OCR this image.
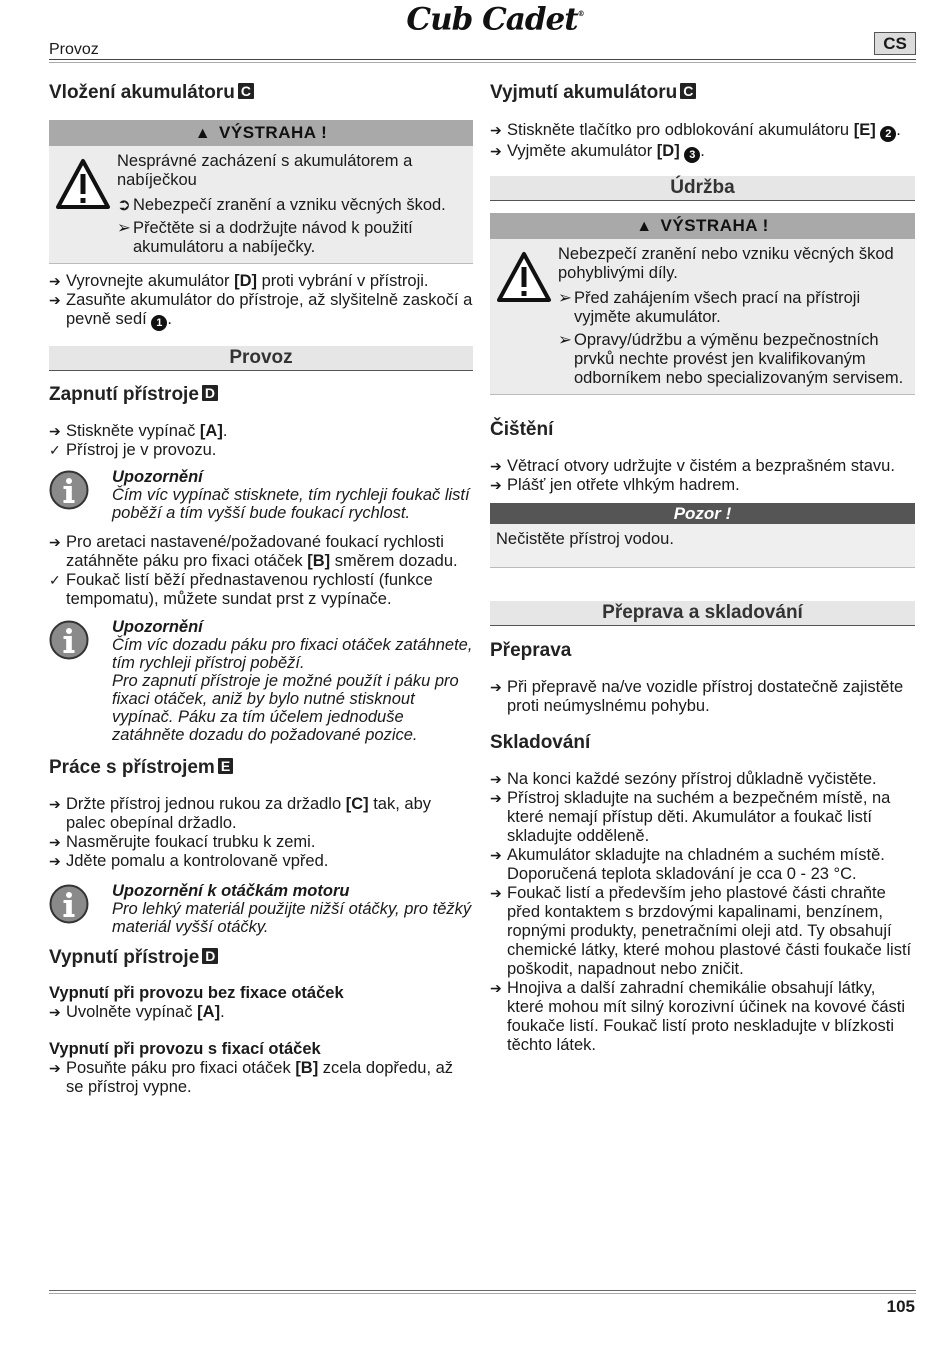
Cub Cadet®
Provoz	CS
Vložení akumulátoru C
▲ VÝSTRAHA !
Nesprávné zacházení s akumulátorem a nabíječkou
➲ Nebezpečí zranění a vzniku věcných škod.
➢ Přečtěte si a dodržujte návod k použití akumulátoru a nabíječky.
➔ Vyrovnejte akumulátor [D] proti vybrání v přístroji.
➔ Zasuňte akumulátor do přístroje, až slyšitelně zaskočí a pevně sedí 1 .
Provoz
Zapnutí přístroje D
➔ Stiskněte vypínač [A].
✓ Přístroj je v provozu.
Upozornění
Čím víc vypínač stisknete, tím rychleji foukač listí poběží a tím vyšší bude foukací rychlost.
➔ Pro aretaci nastavené/požadované foukací rychlosti zatáhněte páku pro fixaci otáček [B] směrem dozadu.
✓ Foukač listí běží přednastavenou rychlostí (funkce tempomatu), můžete sundat prst z vypínače.
Upozornění
Čím víc dozadu páku pro fixaci otáček zatáhnete, tím rychleji přístroj poběží.
Pro zapnutí přístroje je možné použít i páku pro fixaci otáček, aniž by bylo nutné stisknout vypínač. Páku za tím účelem jednoduše zatáhněte dozadu do požadované pozice.
Práce s přístrojem E
➔ Držte přístroj jednou rukou za držadlo [C] tak, aby palec obepínal držadlo.
➔ Nasměrujte foukací trubku k zemi.
➔ Jděte pomalu a kontrolovaně vpřed.
Upozornění k otáčkám motoru
Pro lehký materiál použijte nižší otáčky, pro těžký materiál vyšší otáčky.
Vypnutí přístroje D
Vypnutí při provozu bez fixace otáček
➔ Uvolněte vypínač [A].
Vypnutí při provozu s fixací otáček
➔ Posuňte páku pro fixaci otáček [B] zcela dopředu, až se přístroj vypne.
Vyjmutí akumulátoru C
➔ Stiskněte tlačítko pro odblokování akumulátoru [E] 2 .
➔ Vyjměte akumulátor [D] 3 .
Údržba
▲ VÝSTRAHA !
Nebezpečí zranění nebo vzniku věcných škod pohyblivými díly.
➢ Před zahájením všech prací na přístroji vyjměte akumulátor.
➢ Opravy/údržbu a výměnu bezpečnostních prvků nechte provést jen kvalifikovaným odborníkem nebo specializovaným servisem.
Čištění
➔ Větrací otvory udržujte v čistém a bezprašném stavu.
➔ Plášť jen otřete vlhkým hadrem.
Pozor !
Nečistěte přístroj vodou.
Přeprava a skladování
Přeprava
➔ Při přepravě na/ve vozidle přístroj dostatečně zajistěte proti neúmyslnému pohybu.
Skladování
➔ Na konci každé sezóny přístroj důkladně vyčistěte.
➔ Přístroj skladujte na suchém a bezpečném místě, na které nemají přístup děti. Akumulátor a foukač listí skladujte odděleně.
➔ Akumulátor skladujte na chladném a suchém místě. Doporučená teplota skladování je cca 0 - 23 °C.
➔ Foukač listí a především jeho plastové části chraňte před kontaktem s brzdovými kapalinami, benzínem, ropnými produkty, penetračními oleji atd. Ty obsahují chemické látky, které mohou plastové části foukače listí poškodit, napadnout nebo zničit.
➔ Hnojiva a další zahradní chemikálie obsahují látky, které mohou mít silný korozivní účinek na kovové části foukače listí. Foukač listí proto neskladujte v blízkosti těchto látek.
105
